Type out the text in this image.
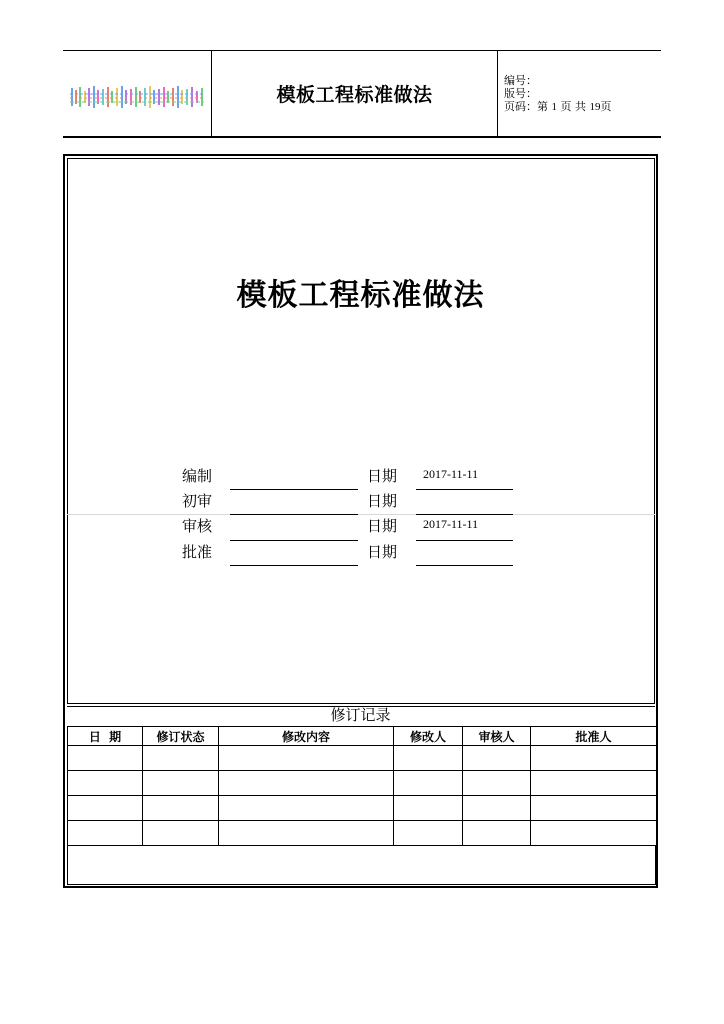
模板工程标准做法
编号：
版号：
页码：第 1 页 共 19页
模板工程标准做法
编制	日期 2017-11-11
初审	日期
审核	日期 2017-11-11
批准	日期
修订记录
日  期	修订状态	修改内容	修改人	审核人	批准人
